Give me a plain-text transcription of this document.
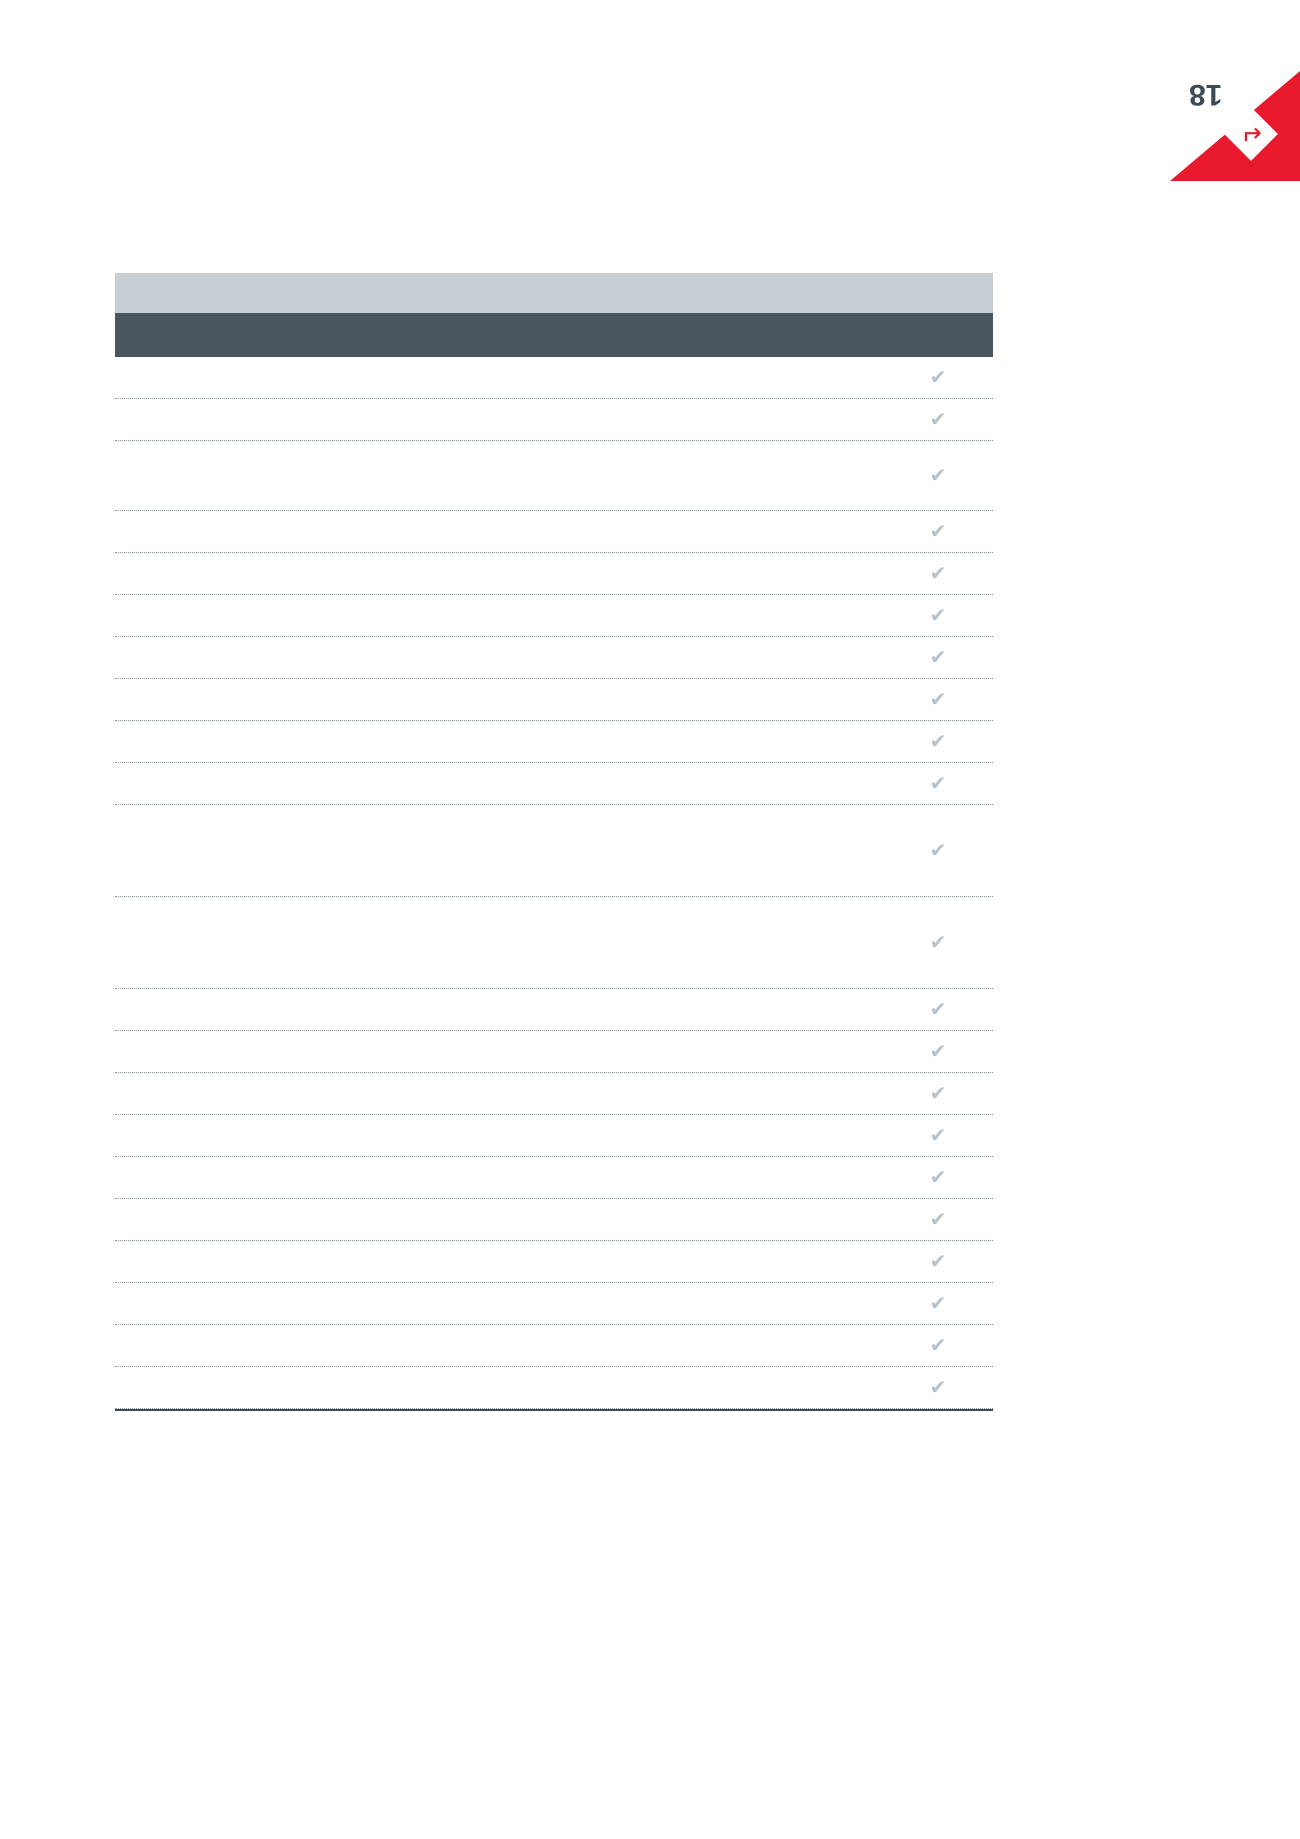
18
↵
✔
✔
✔
✔
✔
✔
✔
✔
✔
✔
✔
✔
✔
✔
✔
✔
✔
✔
✔
✔
✔
✔
